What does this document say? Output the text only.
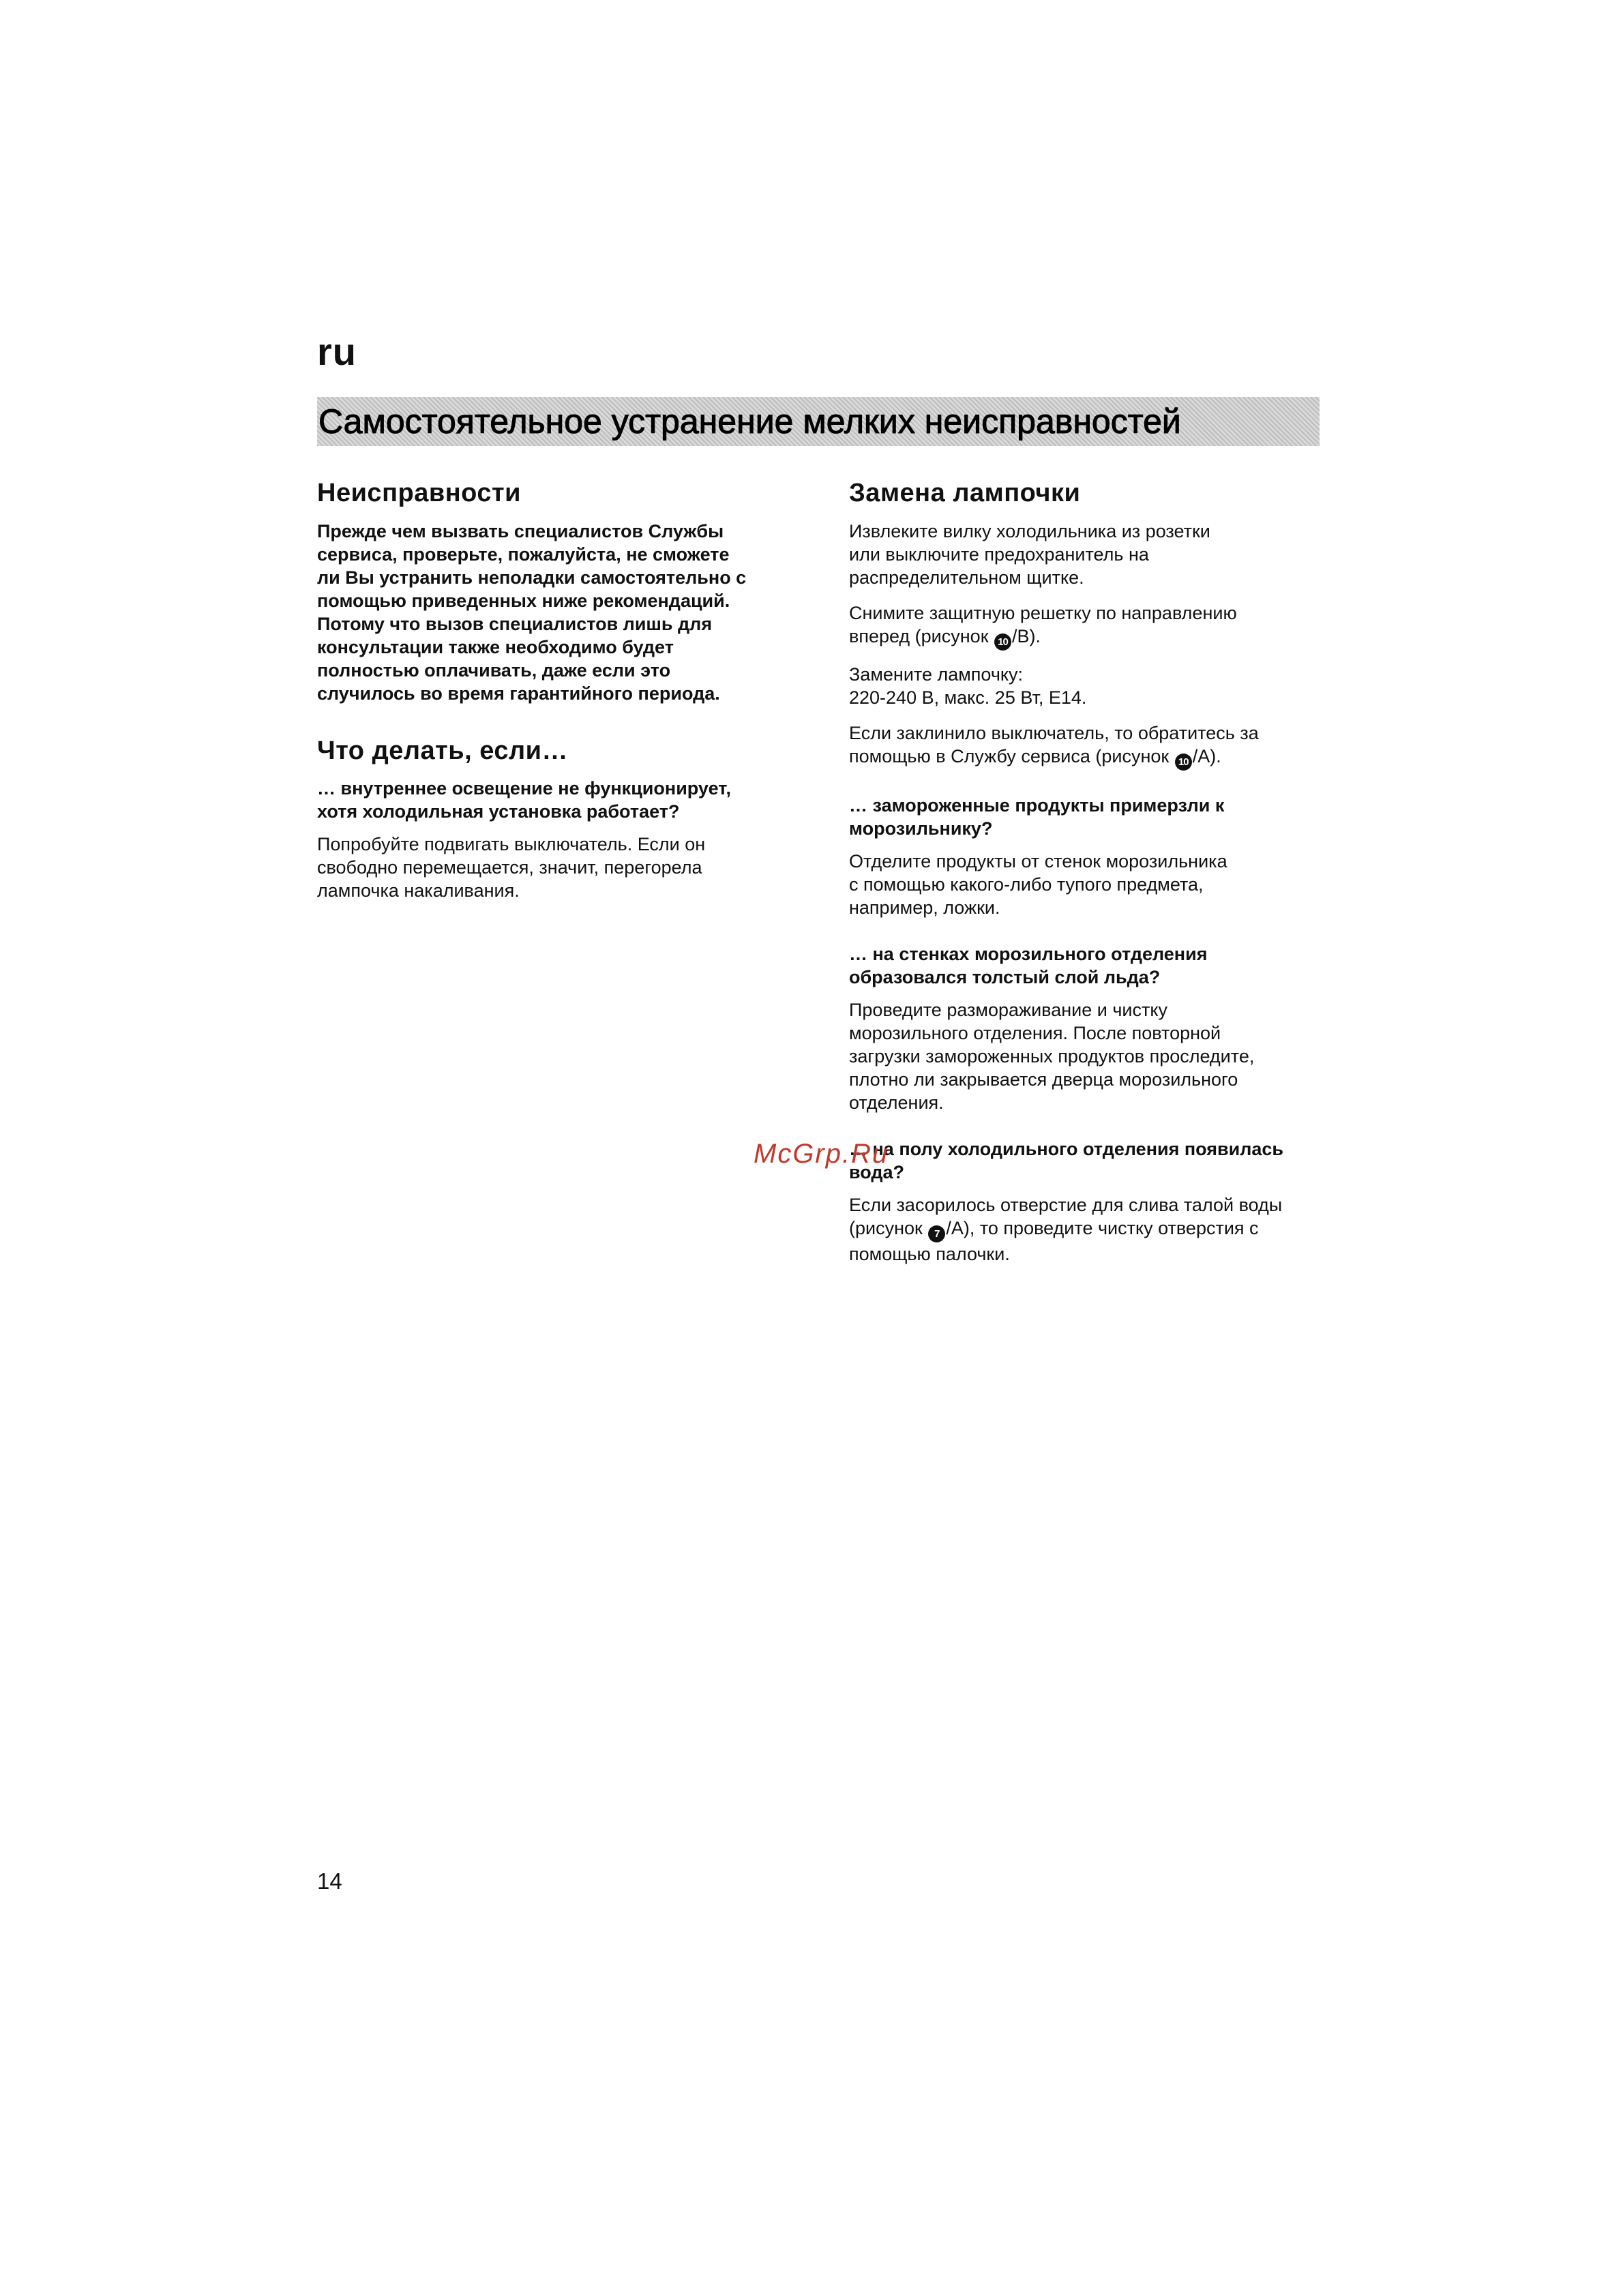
ru
Самостоятельное устранение мелких неисправностей
Неисправности

Прежде чем вызвать специалистов Службы
сервиса, проверьте, пожалуйста, не сможете
ли Вы устранить неполадки самостоятельно с
помощью приведенных ниже рекомендаций.
Потому что вызов специалистов лишь для
консультации также необходимо будет
полностью оплачивать, даже если это
случилось во время гарантийного периода.

Что делать, если…

… внутреннее освещение не функционирует,
хотя холодильная установка работает?

Попробуйте подвигать выключатель. Если он
свободно перемещается, значит, перегорела
лампочка накаливания.

Замена лампочки

Извлеките вилку холодильника из розетки
или выключите предохранитель на
распределительном щитке.

Снимите защитную решетку по направлению
вперед (рисунок 10 /B).

Замените лампочку:
220-240 В, макс. 25 Вт, E14.

Если заклинило выключатель, то обратитесь за
помощью в Службу сервиса (рисунок 10 /A).

… замороженные продукты примерзли к
морозильнику?

Отделите продукты от стенок морозильника
с помощью какого-либо тупого предмета,
например, ложки.

… на стенках морозильного отделения
образовался толстый слой льда?

Проведите размораживание и чистку
морозильного отделения. После повторной
загрузки замороженных продуктов проследите,
плотно ли закрывается дверца морозильного
отделения.

… на полу холодильного отделения появилась
вода?

Если засорилось отверстие для слива талой воды
(рисунок 7 /A), то проведите чистку отверстия с
помощью палочки.

McGrp.Ru
14
